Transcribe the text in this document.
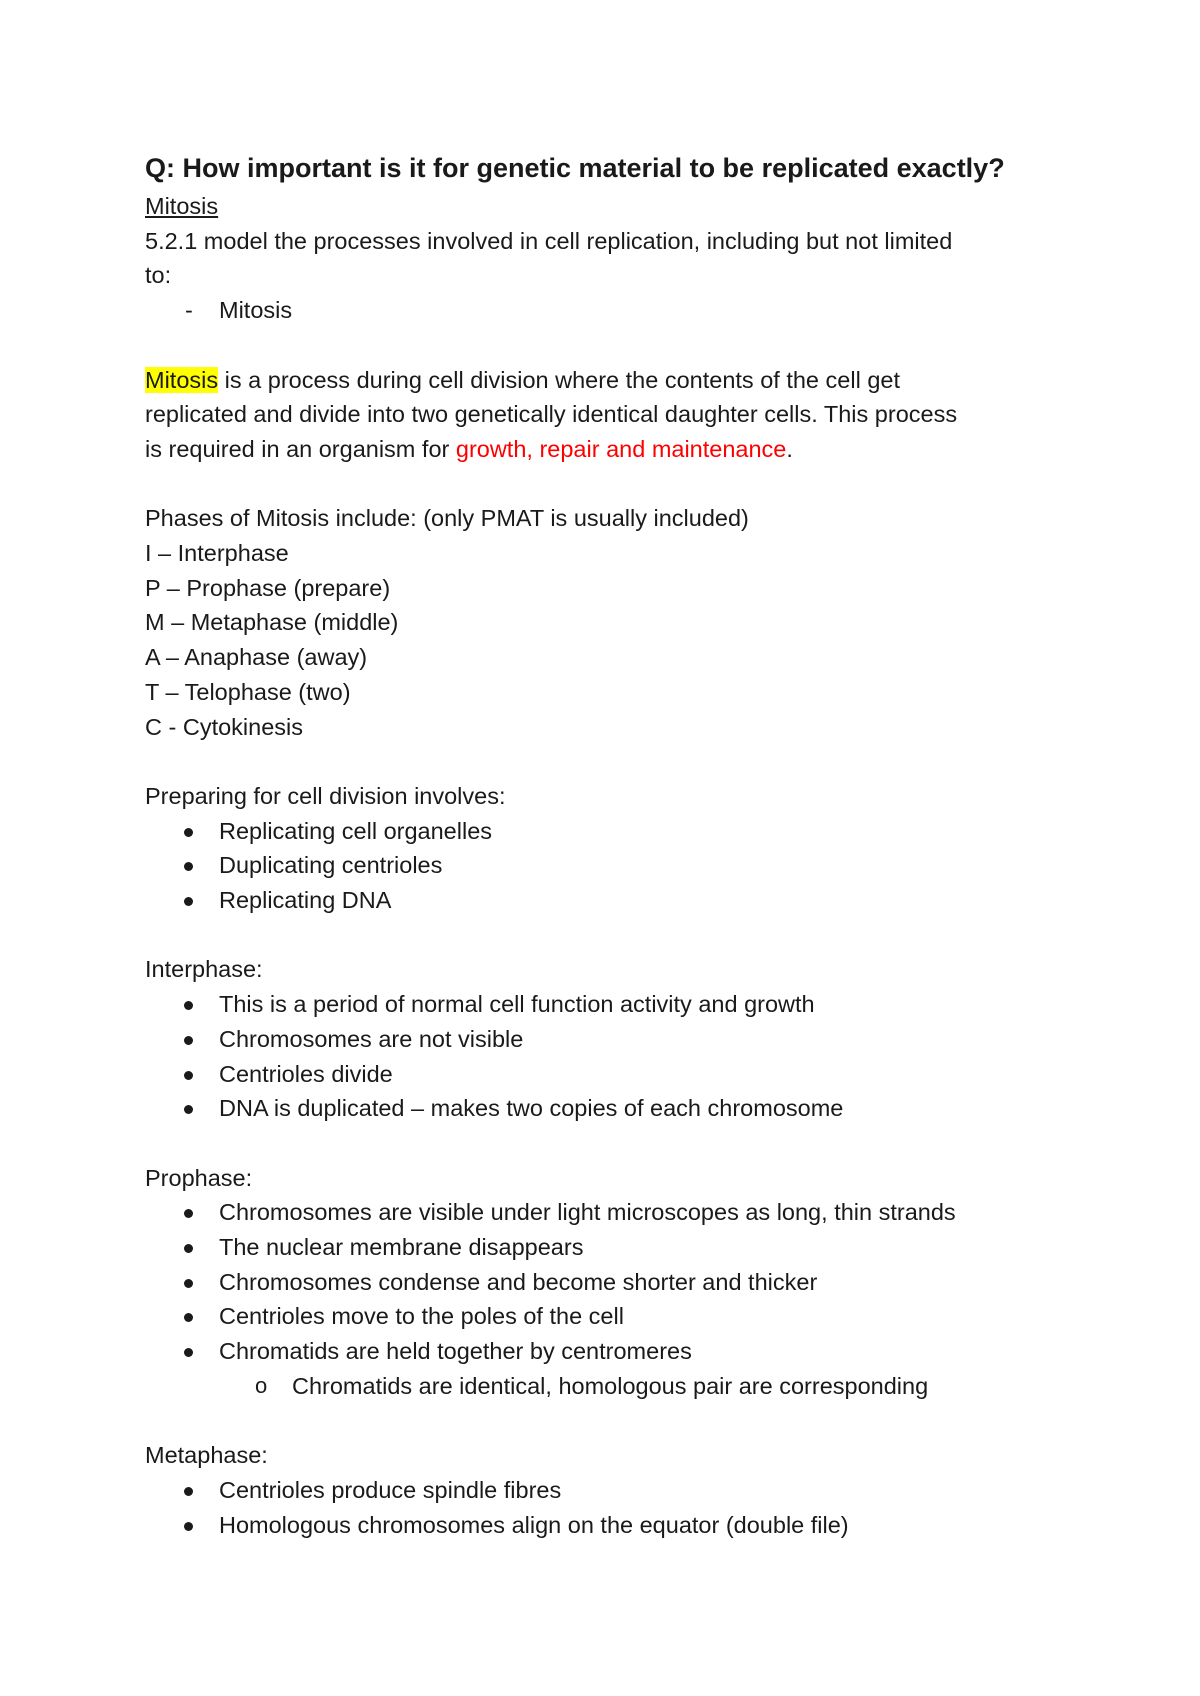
Q: How important is it for genetic material to be replicated exactly?
Mitosis
5.2.1 model the processes involved in cell replication, including but not limited
to:
- Mitosis
Mitosis is a process during cell division where the contents of the cell get
replicated and divide into two genetically identical daughter cells. This process
is required in an organism for growth, repair and maintenance.
Phases of Mitosis include: (only PMAT is usually included)
I – Interphase
P – Prophase (prepare)
M – Metaphase (middle)
A – Anaphase (away)
T – Telophase (two)
C - Cytokinesis
Preparing for cell division involves:
Replicating cell organelles
Duplicating centrioles
Replicating DNA
Interphase:
This is a period of normal cell function activity and growth
Chromosomes are not visible
Centrioles divide
DNA is duplicated – makes two copies of each chromosome
Prophase:
Chromosomes are visible under light microscopes as long, thin strands
The nuclear membrane disappears
Chromosomes condense and become shorter and thicker
Centrioles move to the poles of the cell
Chromatids are held together by centromeres
o Chromatids are identical, homologous pair are corresponding
Metaphase:
Centrioles produce spindle fibres
Homologous chromosomes align on the equator (double file)
